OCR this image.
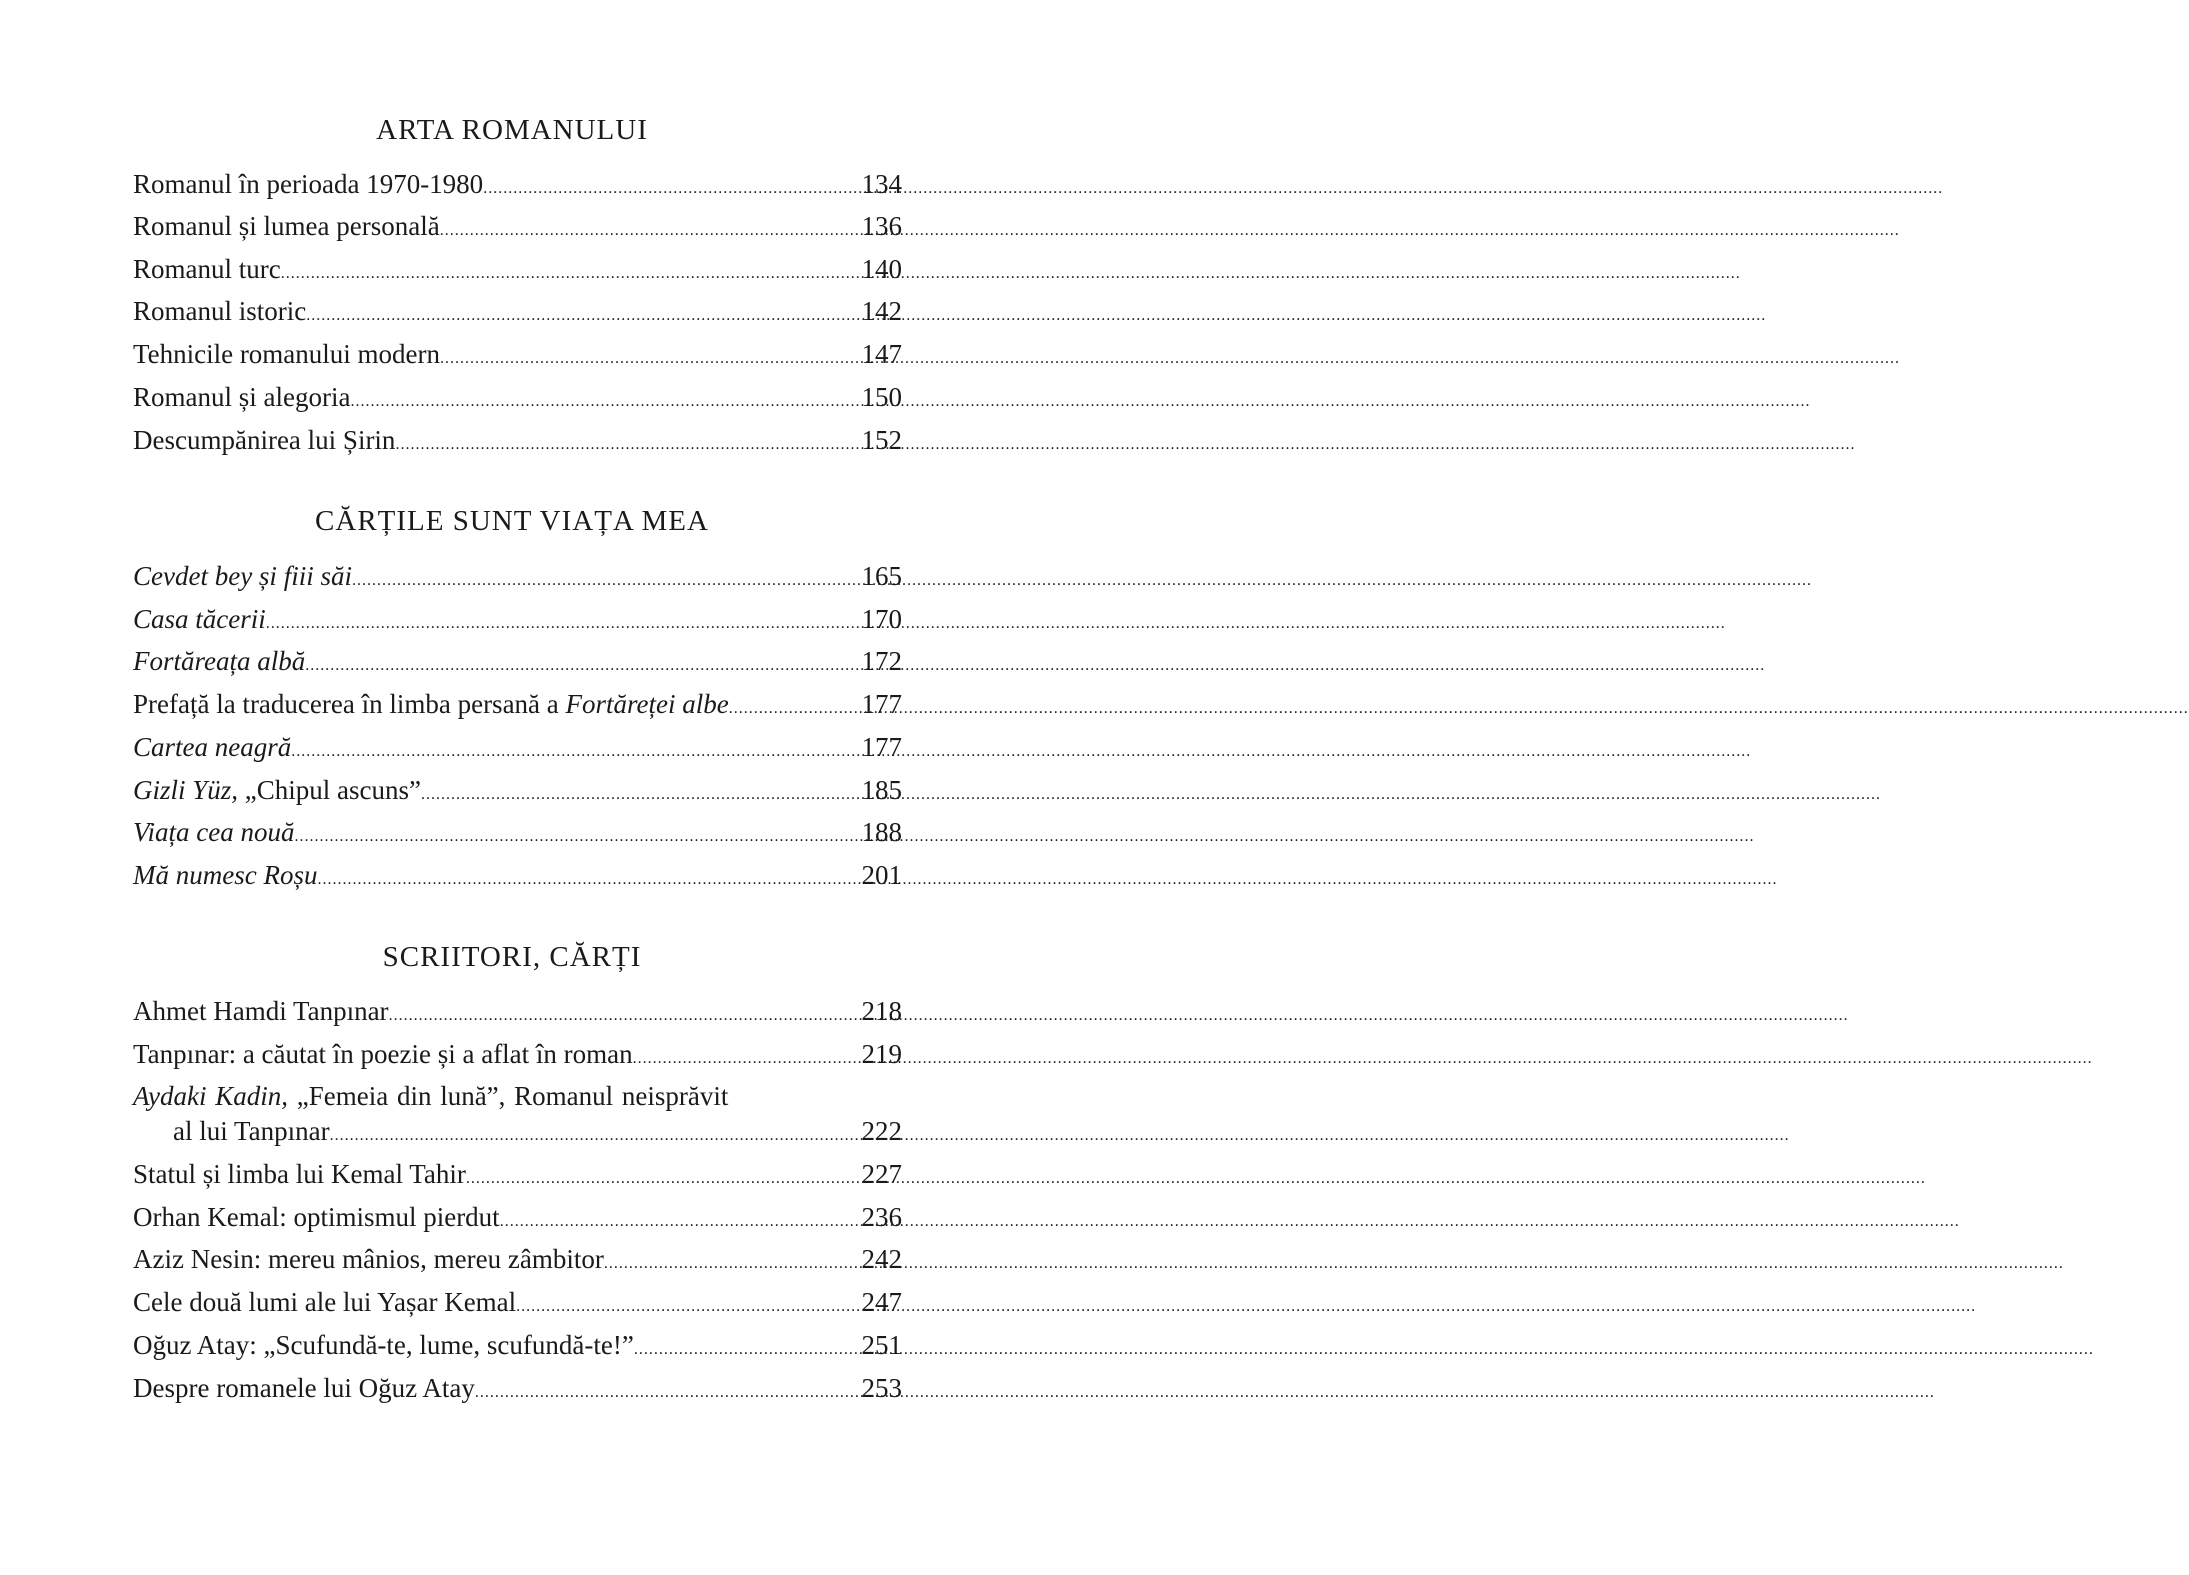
ARTA ROMANULUI
Romanul în perioada 1970-1980 .....	134
Romanul și lumea personală .....	136
Romanul turc .....	140
Romanul istoric .....	142
Tehnicile romanului modern .....	147
Romanul și alegoria .....	150
Descumpănirea lui Șirin .....	152
CĂRȚILE SUNT VIAȚA MEA
Cevdet bey și fiii săi .....	165
Casa tăcerii .....	170
Fortăreața albă .....	172
Prefață la traducerea în limba persană a Fortăreței albe .....	177
Cartea neagră .....	177
Gizli Yüz, „Chipul ascuns” .....	185
Viața cea nouă .....	188
Mă numesc Roșu .....	201
SCRIITORI, CĂRȚI
Ahmet Hamdi Tanpınar .....	218
Tanpınar: a căutat în poezie și a aflat în roman .....	219
Aydaki Kadin, „Femeia din lună”, Romanul neisprăvit
al lui Tanpınar .....	222
Statul și limba lui Kemal Tahir .....	227
Orhan Kemal: optimismul pierdut .....	236
Aziz Nesin: mereu mânios, mereu zâmbitor .....	242
Cele două lumi ale lui Yașar Kemal .....	247
Oğuz Atay: „Scufundă-te, lume, scufundă-te!” .....	251
Despre romanele lui Oğuz Atay .....	253
